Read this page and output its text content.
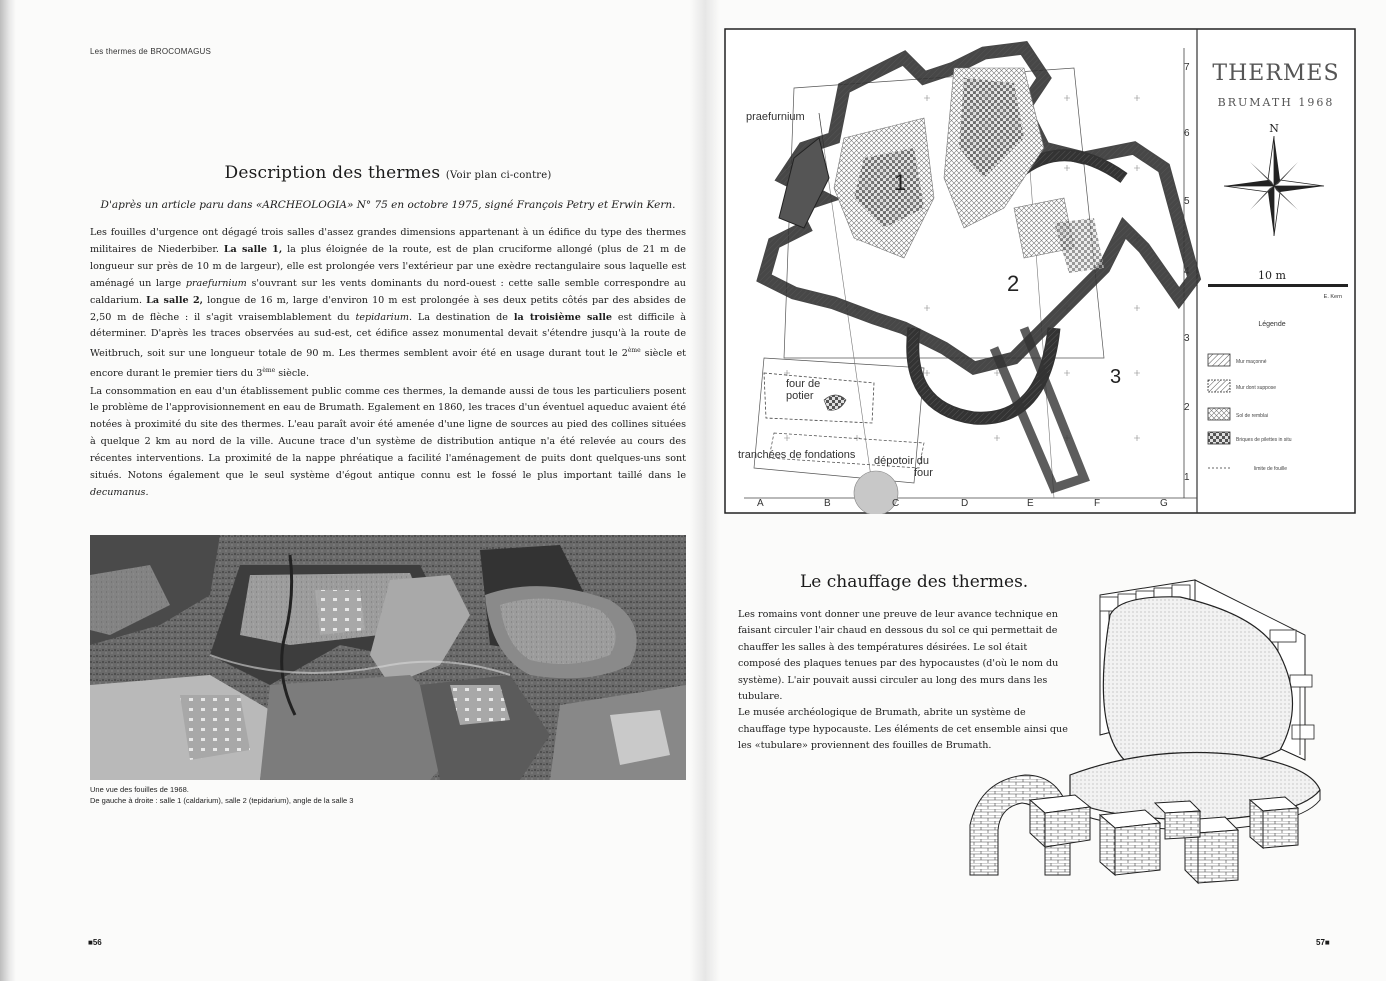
Les thermes de BROCOMAGUS
Description des thermes (Voir plan ci-contre)
D'après un article paru dans «ARCHEOLOGIA» N° 75 en octobre 1975, signé François Petry et Erwin Kern.

Les fouilles d'urgence ont dégagé trois salles d'assez grandes dimensions appartenant à un édifice du type des thermes militaires de Niederbiber. La salle 1, la plus éloignée de la route, est de plan cruciforme allongé (plus de 21 m de longueur sur près de 10 m de largeur), elle est prolongée vers l'extérieur par une exèdre rectangulaire sous laquelle est aménagé un large praefurnium s'ouvrant sur les vents dominants du nord-ouest : cette salle semble correspondre au caldarium. La salle 2, longue de 16 m, large d'environ 10 m est prolongée à ses deux petits côtés par des absides de 2,50 m de flèche : il s'agit vraisemblablement du tepidarium. La destination de la troisième salle est difficile à déterminer. D'après les traces observées au sud-est, cet édifice assez monumental devait s'étendre jusqu'à la route de Weitbruch, soit sur une longueur totale de 90 m. Les thermes semblent avoir été en usage durant tout le 2ème siècle et encore durant le premier tiers du 3ème siècle.

La consommation en eau d'un établissement public comme ces thermes, la demande aussi de tous les particuliers posent le problème de l'approvisionnement en eau de Brumath. Egalement en 1860, les traces d'un éventuel aqueduc avaient été notées à proximité du site des thermes. L'eau paraît avoir été amenée d'une ligne de sources au pied des collines situées à quelque 2 km au nord de la ville. Aucune trace d'un système de distribution antique n'a été relevée au cours des récentes interventions. La proximité de la nappe phréatique a facilité l'aménagement de puits dont quelques-uns sont situés. Notons également que le seul système d'égout antique connu est le fossé le plus important taillé dans le decumanus.

Une vue des fouilles de 1968.
De gauche à droite : salle 1 (caldarium), salle 2 (tepidarium), angle de la salle 3
■56
praefurnium
1
2
3
four de
potier
tranchées de fondations dépotoir du
four
A	B	C	D	E	F	G
7
6
5
4
3
2
1
THERMES
BRUMATH 1968
N
10 m
E. Kern
Légende
Mur maçonné
Mur dont suppose
Sol de remblai
Briques de pilettes in situ
limite de fouille
Le chauffage des thermes.

Les romains vont donner une preuve de leur avance technique en faisant circuler l'air chaud en dessous du sol ce qui permettait de chauffer les salles à des températures désirées. Le sol était composé des plaques tenues par des hypocaustes (d'où le nom du système). L'air pouvait aussi circuler au long des murs dans les tubulare.

Le musée archéologique de Brumath, abrite un système de chauffage type hypocauste. Les éléments de cet ensemble ainsi que les «tubulare» proviennent des fouilles de Brumath.

57■
